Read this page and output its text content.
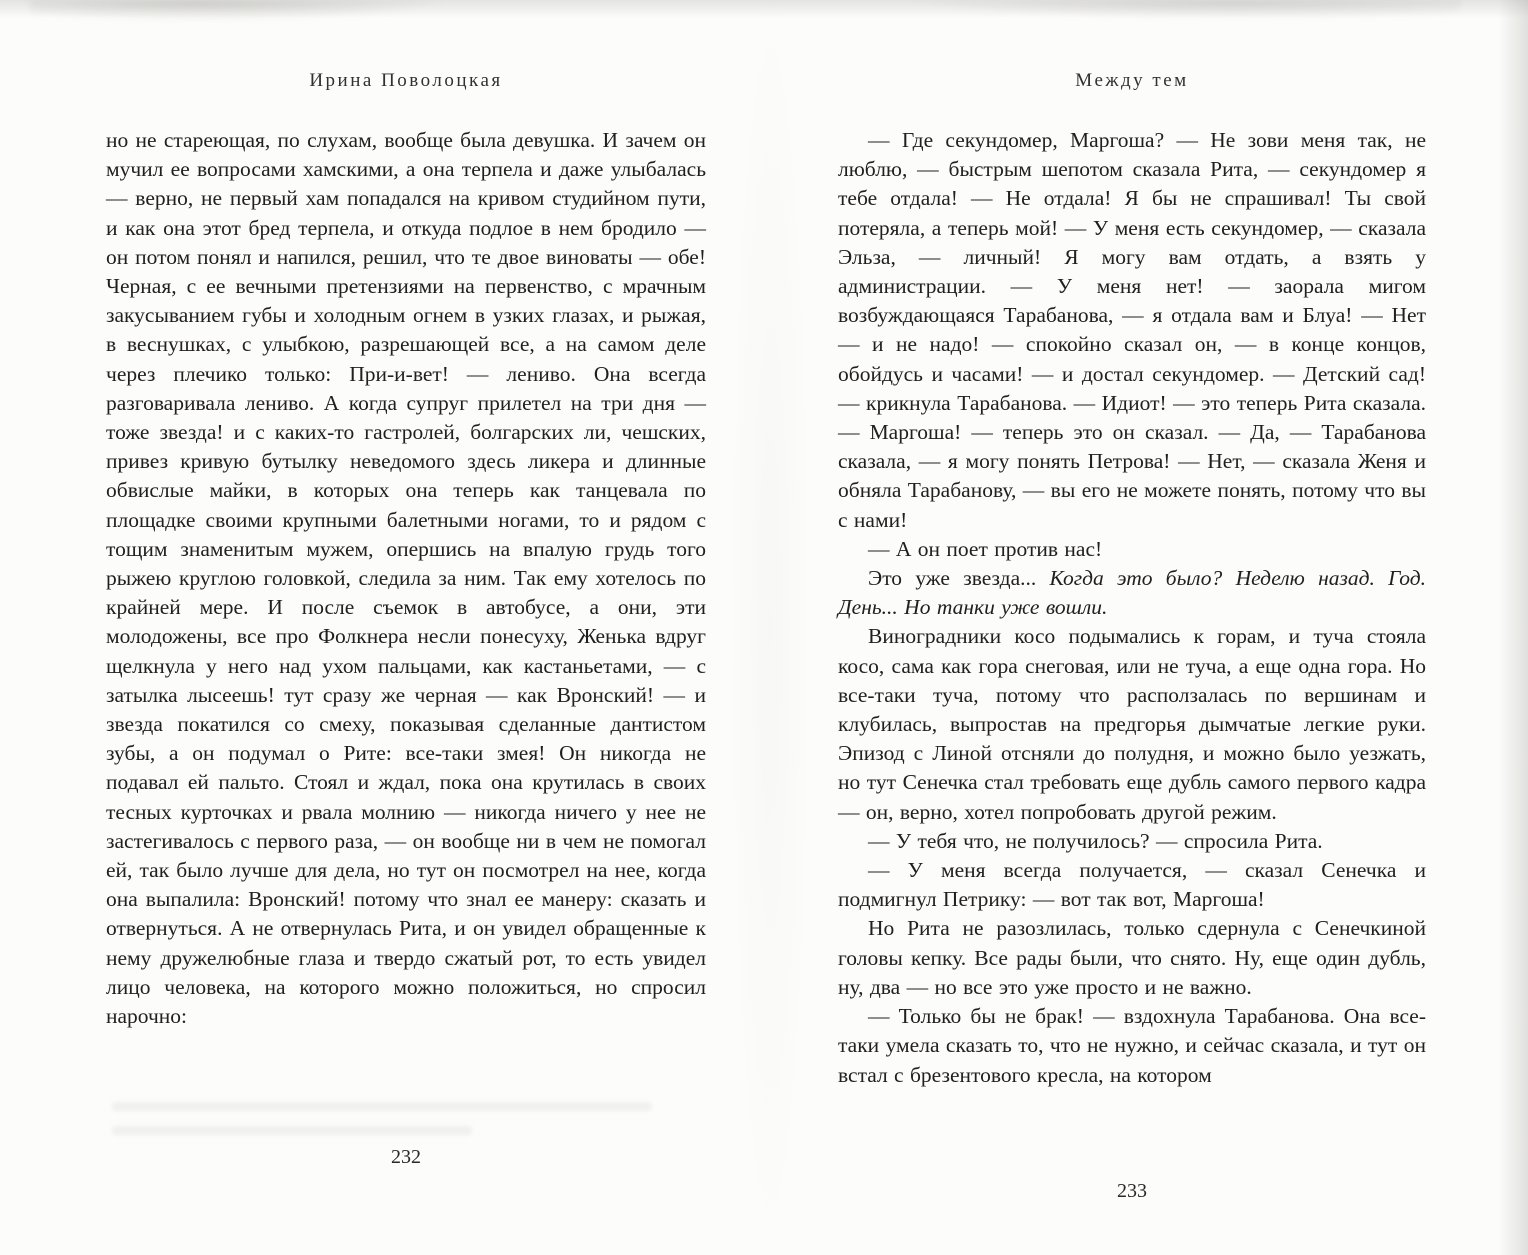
Ирина Поволоцкая

но не стареющая, по слухам, вообще была девушка. И зачем он мучил ее вопросами хамскими, а она терпела и даже улыбалась — верно, не первый хам попадался на кривом студийном пути, и как она этот бред терпела, и откуда подлое в нем бродило — он потом понял и напился, решил, что те двое виноваты — обе! Черная, с ее вечными претензиями на первенство, с мрачным закусыванием губы и холодным огнем в узких глазах, и рыжая, в веснушках, с улыбкою, разрешающей все, а на самом деле через плечико только: При-и-вет! — лениво. Она всегда разговаривала лениво. А когда супруг прилетел на три дня — тоже звезда! и с каких-то гастролей, болгарских ли, чешских, привез кривую бутылку неведомого здесь ликера и длинные обвислые майки, в которых она теперь как танцевала по площадке своими крупными балетными ногами, то и рядом с тощим знаменитым мужем, опершись на впалую грудь того рыжею круглою головкой, следила за ним. Так ему хотелось по крайней мере. И после съемок в автобусе, а они, эти молодожены, все про Фолкнера несли понесуху, Женька вдруг щелкнула у него над ухом пальцами, как кастаньетами, — с затылка лысеешь! тут сразу же черная — как Вронский! — и звезда покатился со смеху, показывая сделанные дантистом зубы, а он подумал о Рите: все-таки змея! Он никогда не подавал ей пальто. Стоял и ждал, пока она крутилась в своих тесных курточках и рвала молнию — никогда ничего у нее не застегивалось с первого раза, — он вообще ни в чем не помогал ей, так было лучше для дела, но тут он посмотрел на нее, когда она выпалила: Вронский! потому что знал ее манеру: сказать и отвернуться. А не отвернулась Рита, и он увидел обращенные к нему дружелюбные глаза и твердо сжатый рот, то есть увидел лицо человека, на которого можно положиться, но спросил нарочно:

232
Между тем

— Где секундомер, Маргоша? — Не зови меня так, не люблю, — быстрым шепотом сказала Рита, — секундомер я тебе отдала! — Не отдала! Я бы не спрашивал! Ты свой потеряла, а теперь мой! — У меня есть секундомер, — сказала Эльза, — личный! Я могу вам отдать, а взять у администрации. — У меня нет! — заорала мигом возбуждающаяся Тарабанова, — я отдала вам и Блуа! — Нет — и не надо! — спокойно сказал он, — в конце концов, обойдусь и часами! — и достал секундомер. — Детский сад! — крикнула Тарабанова. — Идиот! — это теперь Рита сказала. — Маргоша! — теперь это он сказал. — Да, — Тарабанова сказала, — я могу понять Петрова! — Нет, — сказала Женя и обняла Тарабанову, — вы его не можете понять, потому что вы с нами!

— А он поет против нас!

Это уже звезда... Когда это было? Неделю назад. Год. День... Но танки уже вошли.

Виноградники косо подымались к горам, и туча стояла косо, сама как гора снеговая, или не туча, а еще одна гора. Но все-таки туча, потому что расползалась по вершинам и клубилась, выпростав на предгорья дымчатые легкие руки. Эпизод с Линой отсняли до полудня, и можно было уезжать, но тут Сенечка стал требовать еще дубль самого первого кадра — он, верно, хотел попробовать другой режим.

— У тебя что, не получилось? — спросила Рита.

— У меня всегда получается, — сказал Сенечка и подмигнул Петрику: — вот так вот, Маргоша!

Но Рита не разозлилась, только сдернула с Сенечкиной головы кепку. Все рады были, что снято. Ну, еще один дубль, ну, два — но все это уже просто и не важно.

— Только бы не брак! — вздохнула Тарабанова. Она все-таки умела сказать то, что не нужно, и сейчас сказала, и тут он встал с брезентового кресла, на котором

233
